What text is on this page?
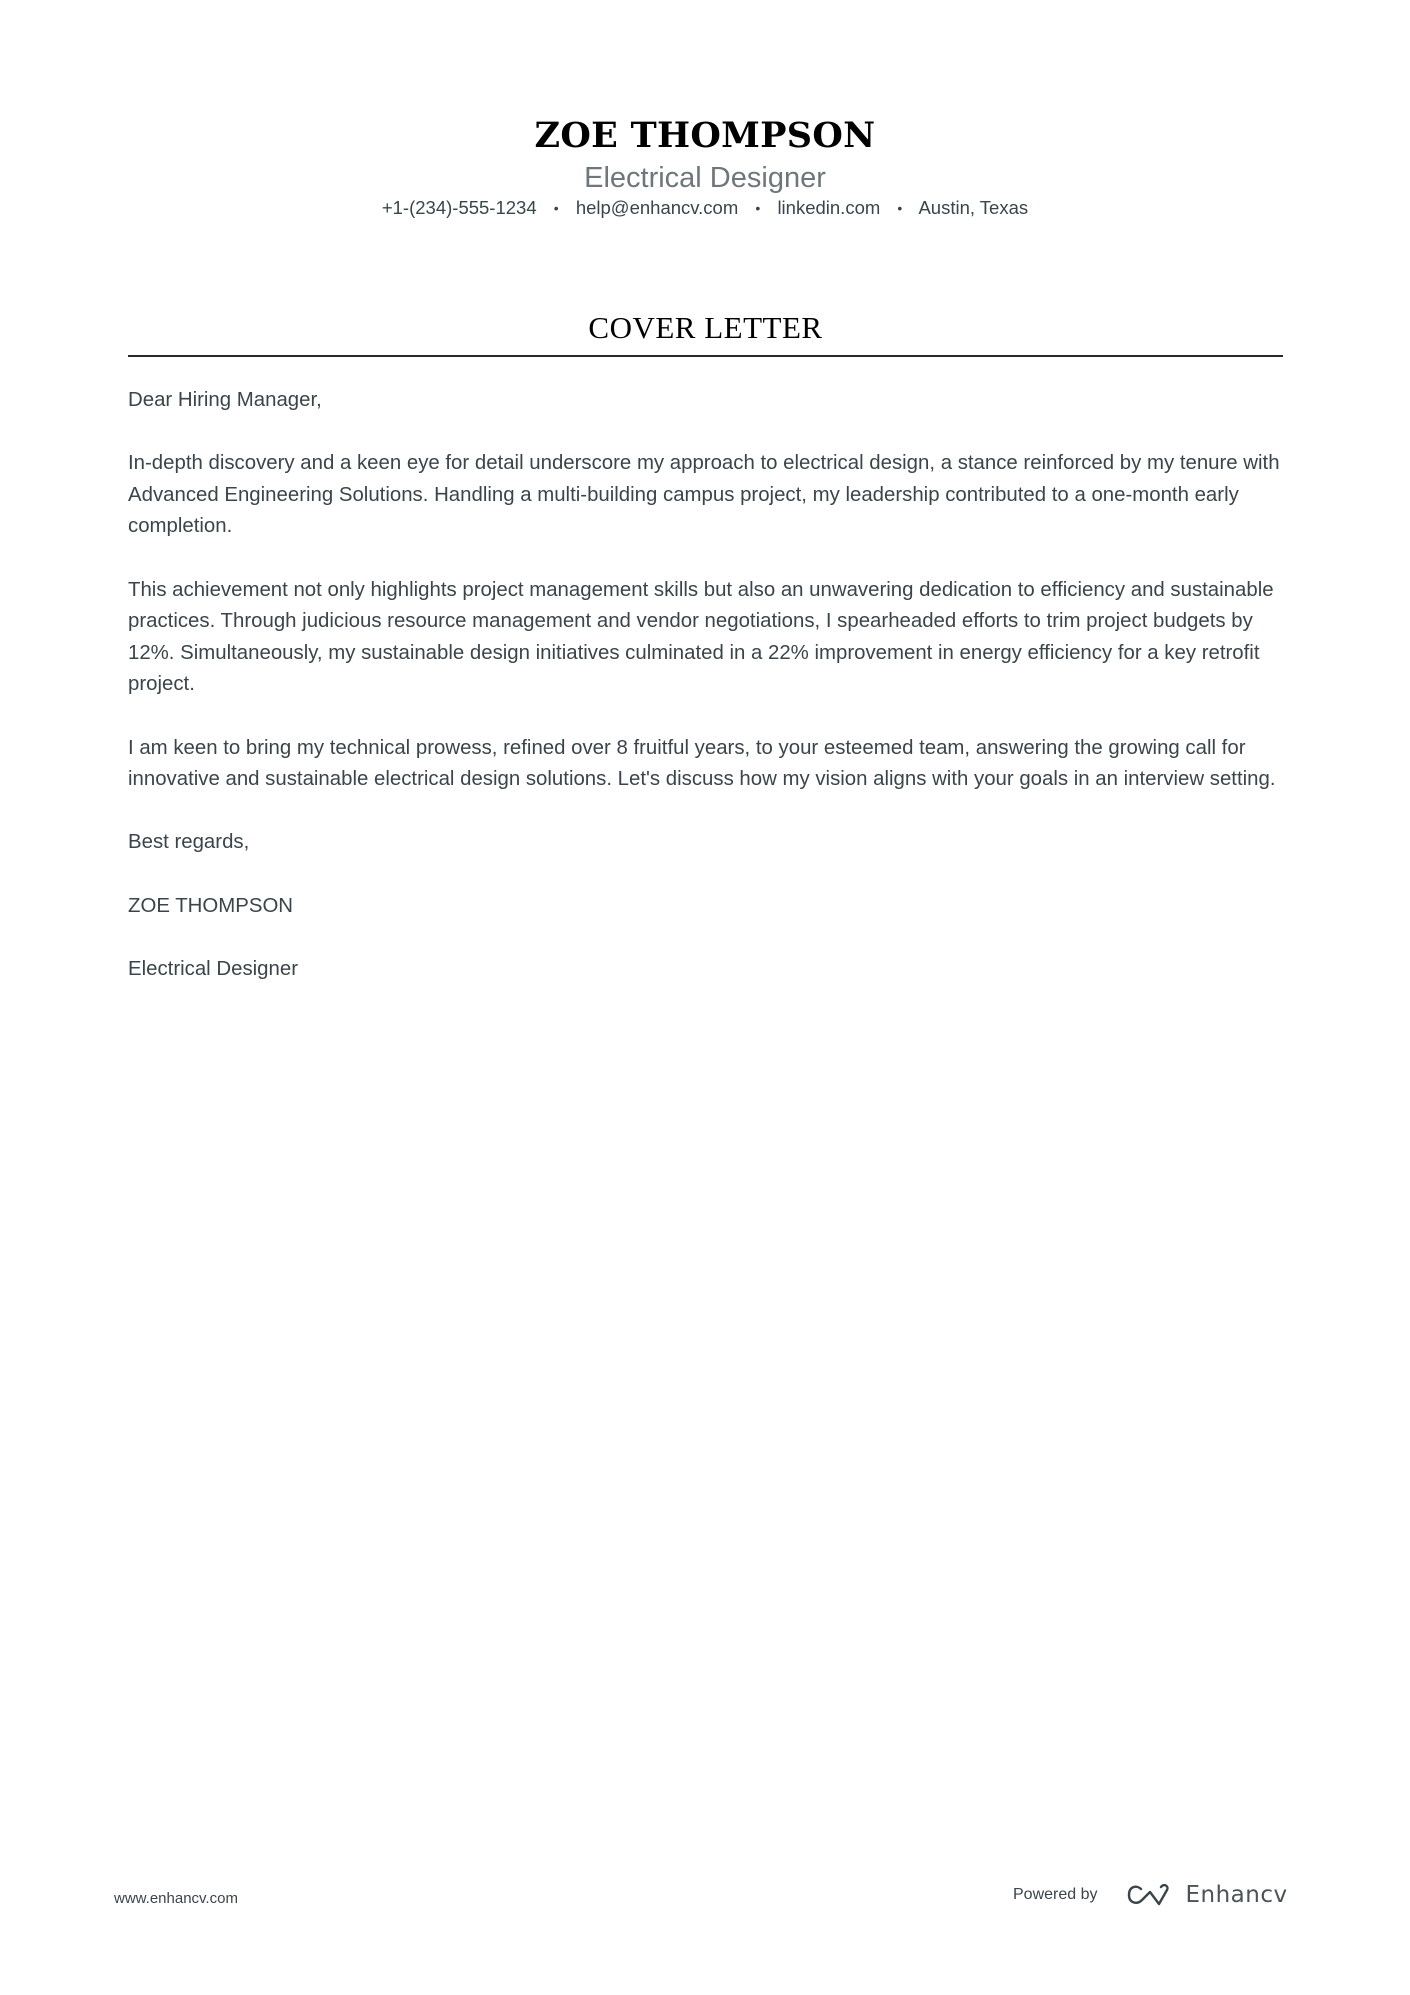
ZOE THOMPSON
Electrical Designer
+1-(234)-555-1234 • help@enhancv.com • linkedin.com • Austin, Texas
COVER LETTER

Dear Hiring Manager,

In-depth discovery and a keen eye for detail underscore my approach to electrical design, a stance reinforced by my tenure with Advanced Engineering Solutions. Handling a multi-building campus project, my leadership contributed to a one-month early completion.

This achievement not only highlights project management skills but also an unwavering dedication to efficiency and sustainable practices. Through judicious resource management and vendor negotiations, I spearheaded efforts to trim project budgets by 12%. Simultaneously, my sustainable design initiatives culminated in a 22% improvement in energy efficiency for a key retrofit project.

I am keen to bring my technical prowess, refined over 8 fruitful years, to your esteemed team, answering the growing call for innovative and sustainable electrical design solutions. Let's discuss how my vision aligns with your goals in an interview setting.

Best regards,

ZOE THOMPSON

Electrical Designer

www.enhancv.com	Powered by	Enhancv
